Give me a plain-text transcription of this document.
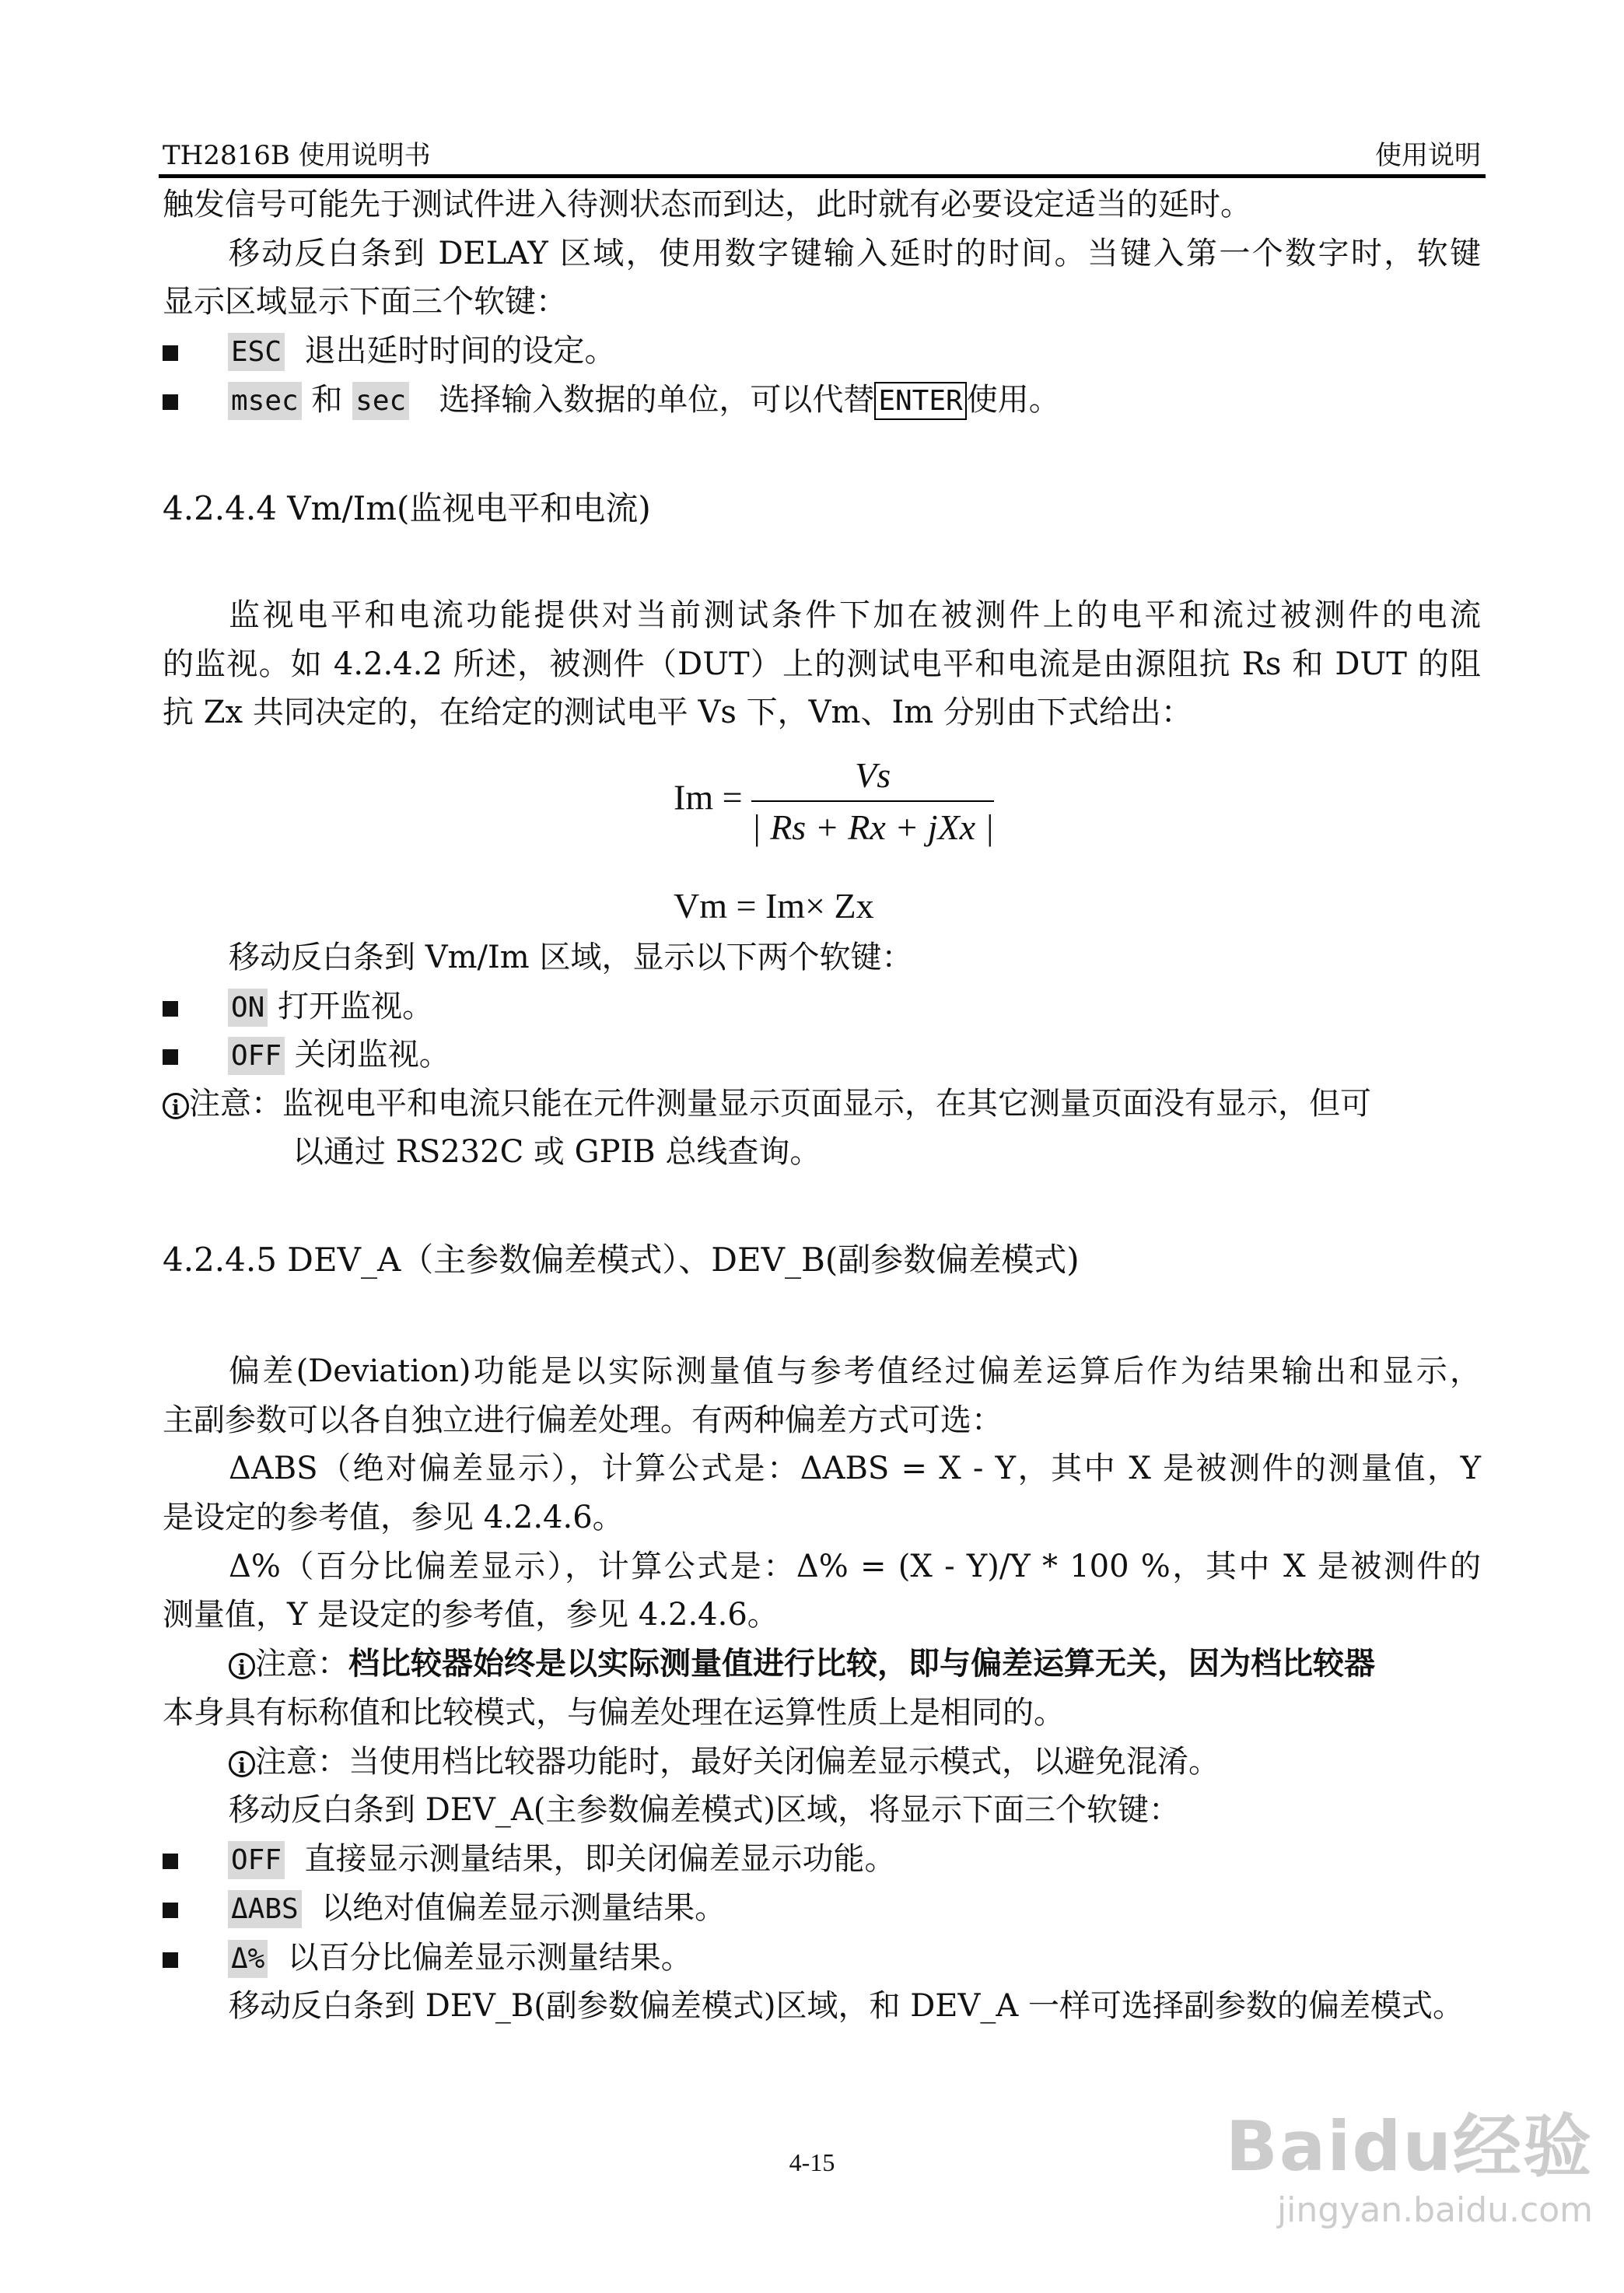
TH2816B 使用说明书	使用说明
触发信号可能先于测试件进入待测状态而到达，此时就有必要设定适当的延时。
移动反白条到 DELAY 区域，使用数字键输入延时的时间。当键入第一个数字时，软键
显示区域显示下面三个软键：
ESC 退出延时时间的设定。
msec 和 sec 选择输入数据的单位，可以代替 ENTER 使用。
4.2.4.4 Vm/Im(监视电平和电流)
监视电平和电流功能提供对当前测试条件下加在被测件上的电平和流过被测件的电流
的监视。如 4.2.4.2 所述，被测件（DUT）上的测试电平和电流是由源阻抗 Rs 和 DUT 的阻
抗 Zx 共同决定的，在给定的测试电平 Vs 下，Vm、Im 分别由下式给出：
$Im = \frac{Vs}{\text{| Rs + Rx + jXx |}}$
Vm = Im× Zx
移动反白条到 Vm/Im 区域，显示以下两个软键：
ON 打开监视。
OFF 关闭监视。
i 注意：监视电平和电流只能在元件测量显示页面显示，在其它测量页面没有显示，但可
以通过 RS232C 或 GPIB 总线查询。
4.2.4.5 DEV_A（主参数偏差模式）、DEV_B(副参数偏差模式)
偏差(Deviation)功能是以实际测量值与参考值经过偏差运算后作为结果输出和显示，
主副参数可以各自独立进行偏差处理。有两种偏差方式可选：
ΔABS（绝对偏差显示），计算公式是：ΔABS = X - Y，其中 X 是被测件的测量值，Y
是设定的参考值，参见 4.2.4.6。
Δ%（百分比偏差显示），计算公式是：Δ% = (X - Y)/Y * 100 %，其中 X 是被测件的
测量值，Y 是设定的参考值，参见 4.2.4.6。
i 注意：档比较器始终是以实际测量值进行比较，即与偏差运算无关，因为档比较器
本身具有标称值和比较模式，与偏差处理在运算性质上是相同的。
i 注意：当使用档比较器功能时，最好关闭偏差显示模式，以避免混淆。
移动反白条到 DEV_A(主参数偏差模式)区域，将显示下面三个软键：
OFF 直接显示测量结果，即关闭偏差显示功能。
ΔABS 以绝对值偏差显示测量结果。
Δ% 以百分比偏差显示测量结果。
移动反白条到 DEV_B(副参数偏差模式)区域，和 DEV_A 一样可选择副参数的偏差模式。
4-15	Baidu经验
jingyan.baidu.com
